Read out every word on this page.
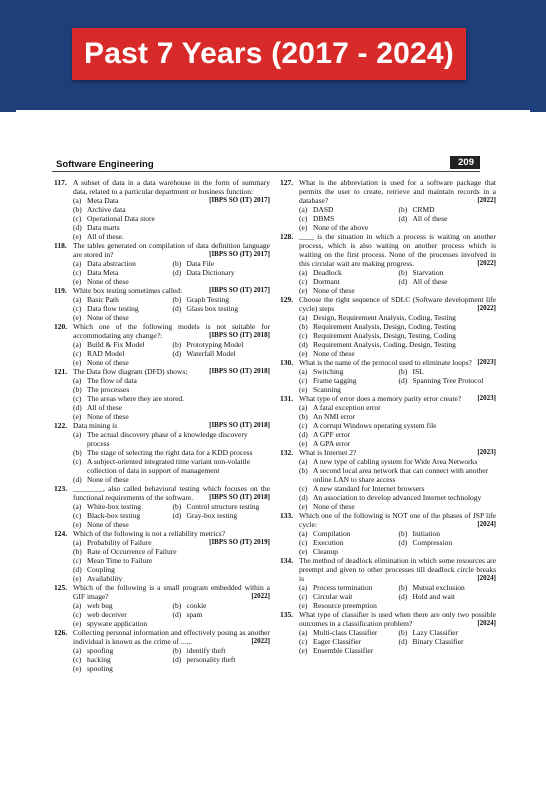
Past 7 Years (2017 - 2024)
Software Engineering	209
117. A subset of data in a data warehouse in the form of summary data, related to a particular department or business function:
[IBPS SO (IT) 2017]
(a) Meta Data
(b) Archive data
(c) Operational Data store
(d) Data marts
(e) All of these.
118. The tables generated on compilation of data definition language are stored in?	[IBPS SO (IT) 2017]
(a) Data abstraction	(b) Data File
(c) Data Meta	(d) Data Dictionary
(e) None of these
119. White box testing sometimes called:	[IBPS SO (IT) 2017]
(a) Basic Path	(b) Graph Testing
(c) Data flow testing	(d) Glass box testing
(e) None of these
120. Which one of the following models is not suitable for accommodating any change?:	[IBPS SO (IT) 2018]
(a) Build & Fix Model	(b) Prototyping Model
(c) RAD Model	(d) Waterfall Model
(e) None of these
121. The Data flow diagram (DFD) shows;	[IBPS SO (IT) 2018]
(a) The flow of data
(b) The processes
(c) The areas where they are stored.
(d) All of these
(e) None of these
122. Data mining is	[IBPS SO (IT) 2018]
(a) The actual discovery phase of a knowledge discovery process
(b) The stage of selecting the right data for a KDD process
(c) A subject-oriented integrated time variant non-volatile collection of data in support of management
(d) None of these
123. ________, also called behavioral testing which focuses on the functional requirements of the software. [IBPS SO (IT) 2018]
(a) White-box testing	(b) Control structure testing
(c) Black-box testing	(d) Gray-box testing
(e) None of these
124. Which of the following is not a reliability metrics?
[IBPS SO (IT) 2019]
(a) Probability of Failure
(b) Rate of Occurrence of Failure
(c) Mean Time to Failure
(d) Coupling
(e) Availability
125. Which of the following is a small program embedded within a GIF image?	[2022]
(a) web bug	(b) cookie
(c) web deceiver	(d) spam
(e) spyware application
126. Collecting personal information and effectively posing as another individual is known as the crime of ......	[2022]
(a) spoofing	(b) identify theft
(c) hacking	(d) personality theft
(e) spooling
127. What is the abbreviation is used for a software package that permits the user to create, retrieve and maintain records in a database?	[2022]
(a) DASD	(b) CRMD
(c) DBMS	(d) All of these
(e) None of the above
128. ____ is the situation in which a process is waiting on another process, which is also waiting on another process which is waiting on the first process. None of the processes involved in this circular wait are making progress.	[2022]
(a) Deadlock	(b) Starvation
(c) Dormant	(d) All of these
(e) None of these
129. Choose the right sequence of SDLC (Software development life cycle) steps	[2022]
(a) Design, Requirement Analysis, Coding, Testing
(b) Requirement Analysis, Design, Coding, Testing
(c) Requirement Analysis, Design, Testing, Coding
(d) Requirement Analysis, Coding, Design, Testing
(e) None of these
130. What is the name of the protocol used to eliminate loops? [2023]
(a) Switching	(b) ISL
(c) Frame tagging	(d) Spanning Tree Protocol
(e) Scanning
131. What type of error does a memory parity error create? [2023]
(a) A fatal exception error
(b) An NMI error
(c) A corrupt Windows operating system file
(d) A GPF error
(e) A GPA error
132. What is Internet 2?	[2023]
(a) A new type of cabling system for Wide Area Networks
(b) A second local area network that can connect with another online LAN to share access
(c) A new standard for Internet browsers
(d) An association to develop advanced Internet technology
(e) None of these
133. Which one of the following is NOT one of the phases of JSP life cycle:	[2024]
(a) Compilation	(b) Initiation
(c) Execution	(d) Compression
(e) Cleanup
134. The method of deadlock elimination in which some resources are preempt and given to other processes till deadlock circle breaks is	[2024]
(a) Process termination	(b) Mutual exclusion
(c) Circular wait	(d) Hold and wait
(e) Resource preemption
135. What type of classifier is used when there are only two possible outcomes in a classification problem?	[2024]
(a) Multi-class Classifier	(b) Lazy Classifier
(c) Eager Classifier	(d) Binary Classifier
(e) Ensemble Classifier
